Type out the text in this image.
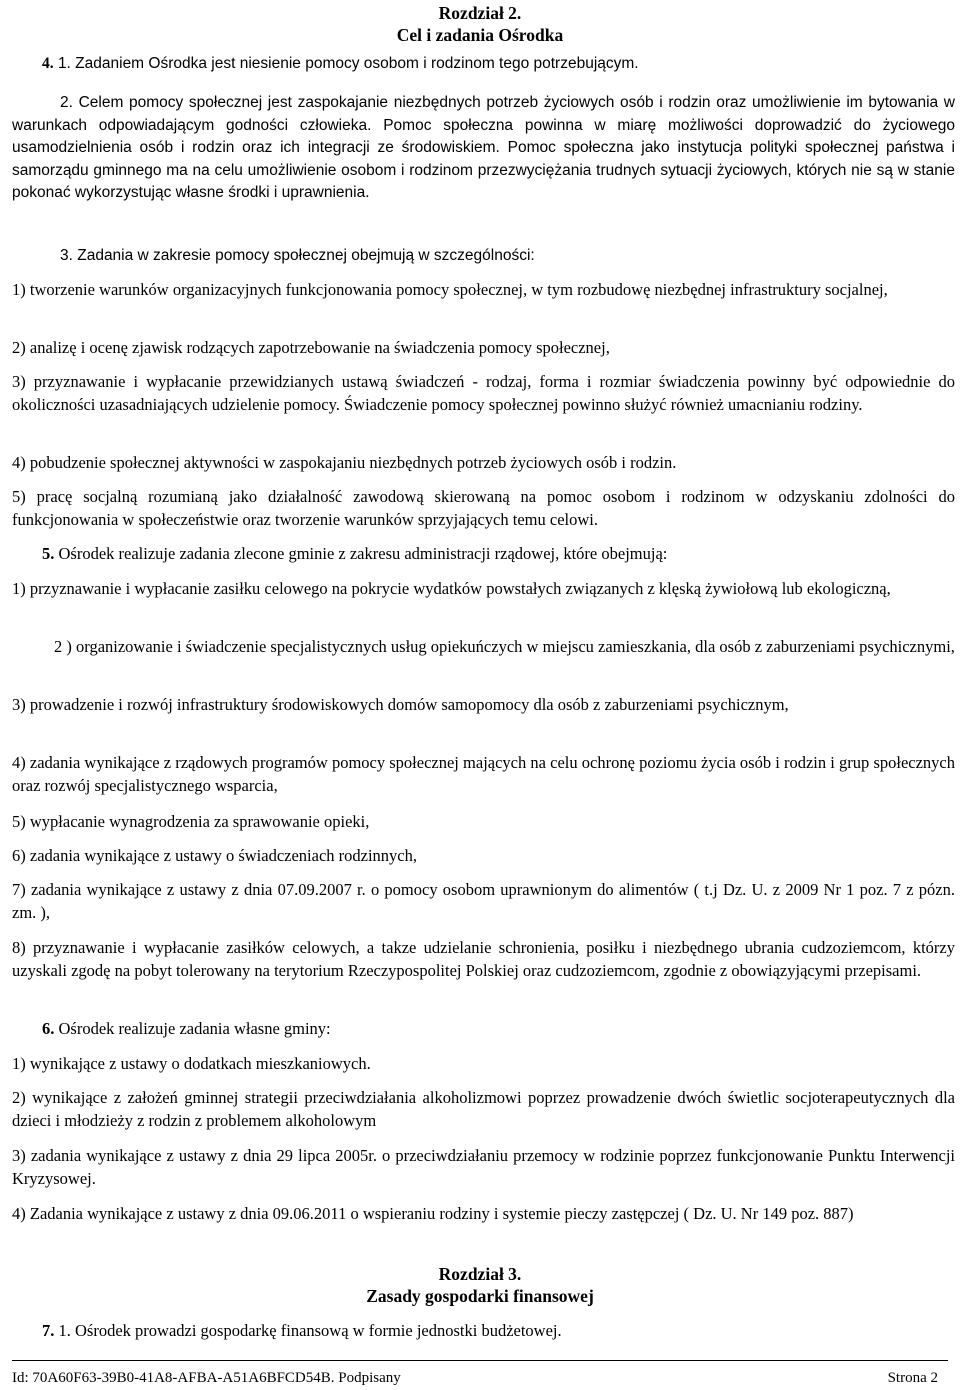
Rozdział 2.
Cel i zadania Ośrodka

4. 1. Zadaniem Ośrodka jest niesienie pomocy osobom i rodzinom tego potrzebującym.

2. Celem pomocy społecznej jest zaspokajanie niezbędnych potrzeb życiowych osób i rodzin oraz umożliwienie im bytowania w warunkach odpowiadającym godności człowieka. Pomoc społeczna powinna w miarę możliwości doprowadzić do życiowego usamodzielnienia osób i rodzin oraz ich integracji ze środowiskiem. Pomoc społeczna jako instytucja polityki społecznej państwa i samorządu gminnego ma na celu umożliwienie osobom i rodzinom przezwyciężania trudnych sytuacji życiowych, których nie są w stanie pokonać wykorzystując własne środki i uprawnienia.

3. Zadania w zakresie pomocy społecznej obejmują w szczególności:

1) tworzenie warunków organizacyjnych funkcjonowania pomocy społecznej, w tym rozbudowę niezbędnej infrastruktury socjalnej,

2) analizę i ocenę zjawisk rodzących zapotrzebowanie na świadczenia pomocy społecznej,

3) przyznawanie i wypłacanie przewidzianych ustawą świadczeń - rodzaj, forma i rozmiar świadczenia powinny być odpowiednie do okoliczności uzasadniających udzielenie pomocy. Świadczenie pomocy społecznej powinno służyć również umacnianiu rodziny.

4) pobudzenie społecznej aktywności w zaspokajaniu niezbędnych potrzeb życiowych osób i rodzin.

5) pracę socjalną rozumianą jako działalność zawodową skierowaną na pomoc osobom i rodzinom w odzyskaniu zdolności do funkcjonowania w społeczeństwie oraz tworzenie warunków sprzyjających temu celowi.

5. Ośrodek realizuje zadania zlecone gminie z zakresu administracji rządowej, które obejmują:

1) przyznawanie i wypłacanie zasiłku celowego na pokrycie wydatków powstałych związanych z klęską żywiołową lub ekologiczną,

2 ) organizowanie i świadczenie specjalistycznych usług opiekuńczych w miejscu zamieszkania, dla osób z zaburzeniami psychicznymi,

3) prowadzenie i rozwój infrastruktury środowiskowych domów samopomocy dla osób z zaburzeniami psychicznym,

4) zadania wynikające z rządowych programów pomocy społecznej mających na celu ochronę poziomu życia osób i rodzin i grup społecznych oraz rozwój specjalistycznego wsparcia,

5) wypłacanie wynagrodzenia za sprawowanie opieki,

6) zadania wynikające z ustawy o świadczeniach rodzinnych,

7) zadania wynikające z ustawy z dnia 07.09.2007 r. o pomocy osobom uprawnionym do alimentów ( t.j Dz. U. z 2009 Nr 1 poz. 7 z pózn. zm. ),

8) przyznawanie i wypłacanie zasiłków celowych, a takze udzielanie schronienia, posiłku i niezbędnego ubrania cudzoziemcom, którzy uzyskali zgodę na pobyt tolerowany na terytorium Rzeczypospolitej Polskiej oraz cudzoziemcom, zgodnie z obowiązyjącymi przepisami.

6. Ośrodek realizuje zadania własne gminy:

1) wynikające z ustawy o dodatkach mieszkaniowych.

2) wynikające z założeń gminnej strategii przeciwdziałania alkoholizmowi poprzez prowadzenie dwóch świetlic socjoterapeutycznych dla dzieci i młodzieży z rodzin z problemem alkoholowym

3) zadania wynikające z ustawy z dnia 29 lipca 2005r. o przeciwdziałaniu przemocy w rodzinie poprzez funkcjonowanie Punktu Interwencji Kryzysowej.

4) Zadania wynikające z ustawy z dnia 09.06.2011 o wspieraniu rodziny i systemie pieczy zastępczej ( Dz. U. Nr 149 poz. 887)

Rozdział 3.
Zasady gospodarki finansowej

7. 1. Ośrodek prowadzi gospodarkę finansową w formie jednostki budżetowej.

Id: 70A60F63-39B0-41A8-AFBA-A51A6BFCD54B. Podpisany	Strona 2
